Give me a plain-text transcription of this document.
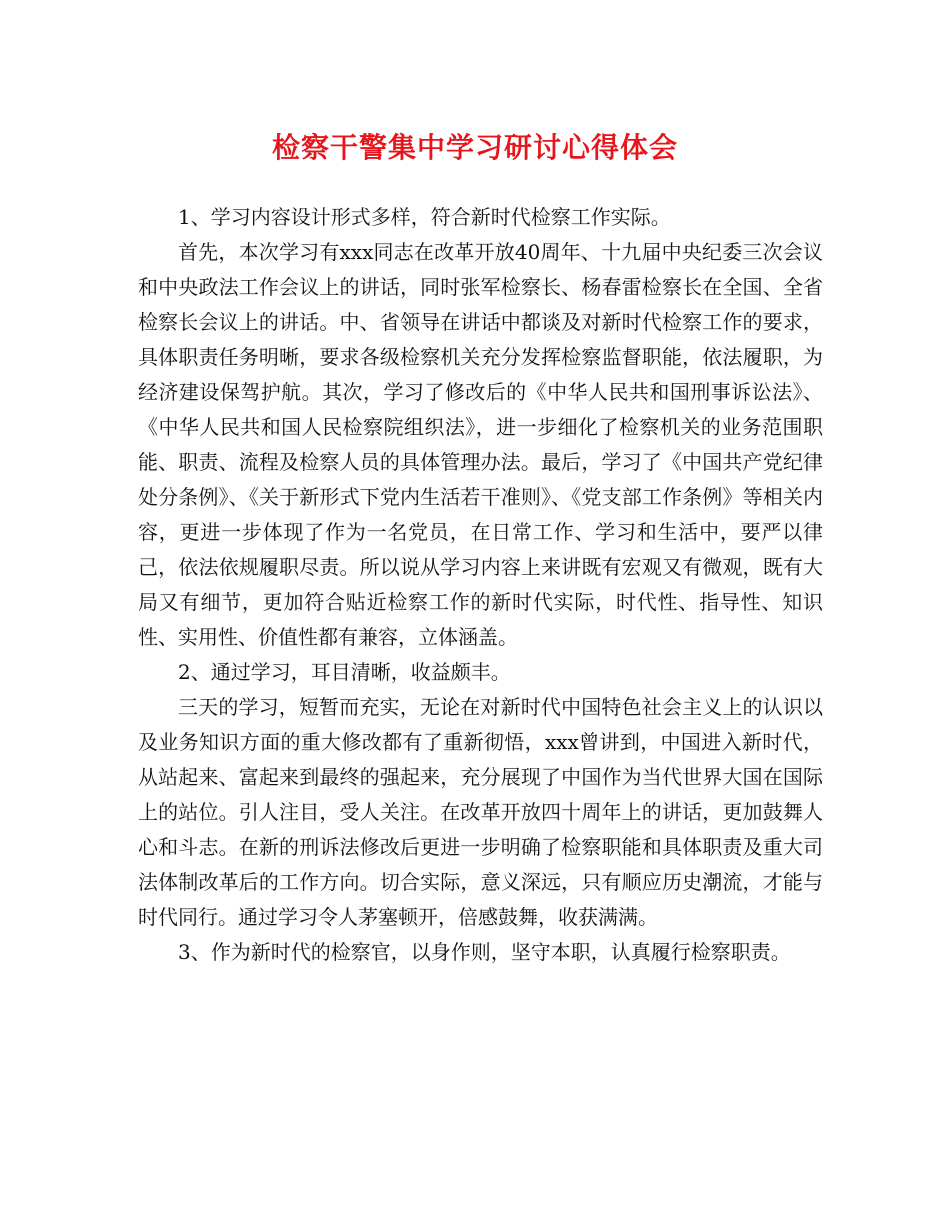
检察干警集中学习研讨心得体会

1、学习内容设计形式多样，符合新时代检察工作实际。

首先，本次学习有xxx同志在改革开放40周年、十九届中央纪委三次会议和中央政法工作会议上的讲话，同时张军检察长、杨春雷检察长在全国、全省检察长会议上的讲话。中、省领导在讲话中都谈及对新时代检察工作的要求，具体职责任务明晰，要求各级检察机关充分发挥检察监督职能，依法履职，为经济建设保驾护航。其次，学习了修改后的《中华人民共和国刑事诉讼法》、《中华人民共和国人民检察院组织法》，进一步细化了检察机关的业务范围职能、职责、流程及检察人员的具体管理办法。最后，学习了《中国共产党纪律处分条例》、《关于新形式下党内生活若干准则》、《党支部工作条例》等相关内容，更进一步体现了作为一名党员，在日常工作、学习和生活中，要严以律己，依法依规履职尽责。所以说从学习内容上来讲既有宏观又有微观，既有大局又有细节，更加符合贴近检察工作的新时代实际，时代性、指导性、知识性、实用性、价值性都有兼容，立体涵盖。

2、通过学习，耳目清晰，收益颇丰。

三天的学习，短暂而充实，无论在对新时代中国特色社会主义上的认识以及业务知识方面的重大修改都有了重新彻悟，xxx曾讲到，中国进入新时代，从站起来、富起来到最终的强起来，充分展现了中国作为当代世界大国在国际上的站位。引人注目，受人关注。在改革开放四十周年上的讲话，更加鼓舞人心和斗志。在新的刑诉法修改后更进一步明确了检察职能和具体职责及重大司法体制改革后的工作方向。切合实际，意义深远，只有顺应历史潮流，才能与时代同行。通过学习令人茅塞顿开，倍感鼓舞，收获满满。

3、作为新时代的检察官，以身作则，坚守本职，认真履行检察职责。
